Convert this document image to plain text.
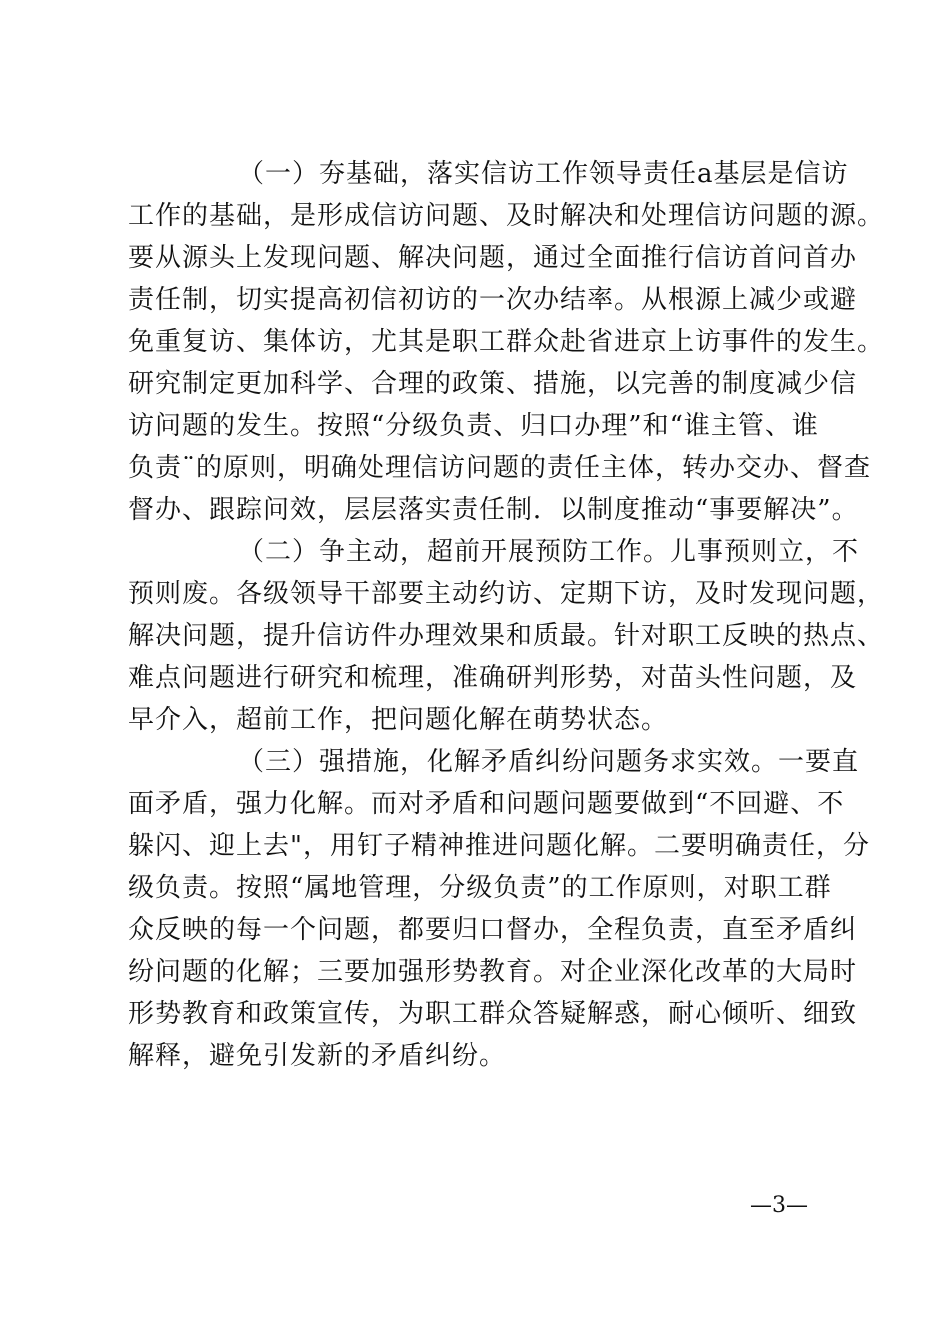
（一）夯基础，落实信访工作领导责任a基层是信访
工作的基础，是形成信访问题、及时解决和处理信访问题的源。
要从源头上发现问题、解决问题，通过全面推行信访首问首办
责任制，切实提高初信初访的一次办结率。从根源上减少或避
免重复访、集体访，尤其是职工群众赴省进京上访事件的发生。
研究制定更加科学、合理的政策、措施，以完善的制度减少信
访问题的发生。按照“分级负责、归口办理”和“谁主管、谁
负责¨的原则，明确处理信访问题的责任主体，转办交办、督查
督办、跟踪问效，层层落实责任制．以制度推动“事要解决”。
（二）争主动，超前开展预防工作。儿事预则立，不
预则废。各级领导干部要主动约访、定期下访，及时发现问题，
解决问题，提升信访件办理效果和质最。针对职工反映的热点、
难点问题进行研究和梳理，准确研判形势，对苗头性问题，及
早介入，超前工作，把问题化解在萌势状态。
（三）强措施，化解矛盾纠纷问题务求实效。一要直
面矛盾，强力化解。而对矛盾和问题问题要做到“不回避、不
躲闪、迎上去"，用钉子精神推进问题化解。二要明确责任，分
级负责。按照“属地管理，分级负责”的工作原则，对职工群
众反映的每一个问题，都要归口督办，全程负责，直至矛盾纠
纷问题的化解；三要加强形势教育。对企业深化改革的大局时
形势教育和政策宣传，为职工群众答疑解惑，耐心倾听、细致
解释，避免引发新的矛盾纠纷。
—3—
